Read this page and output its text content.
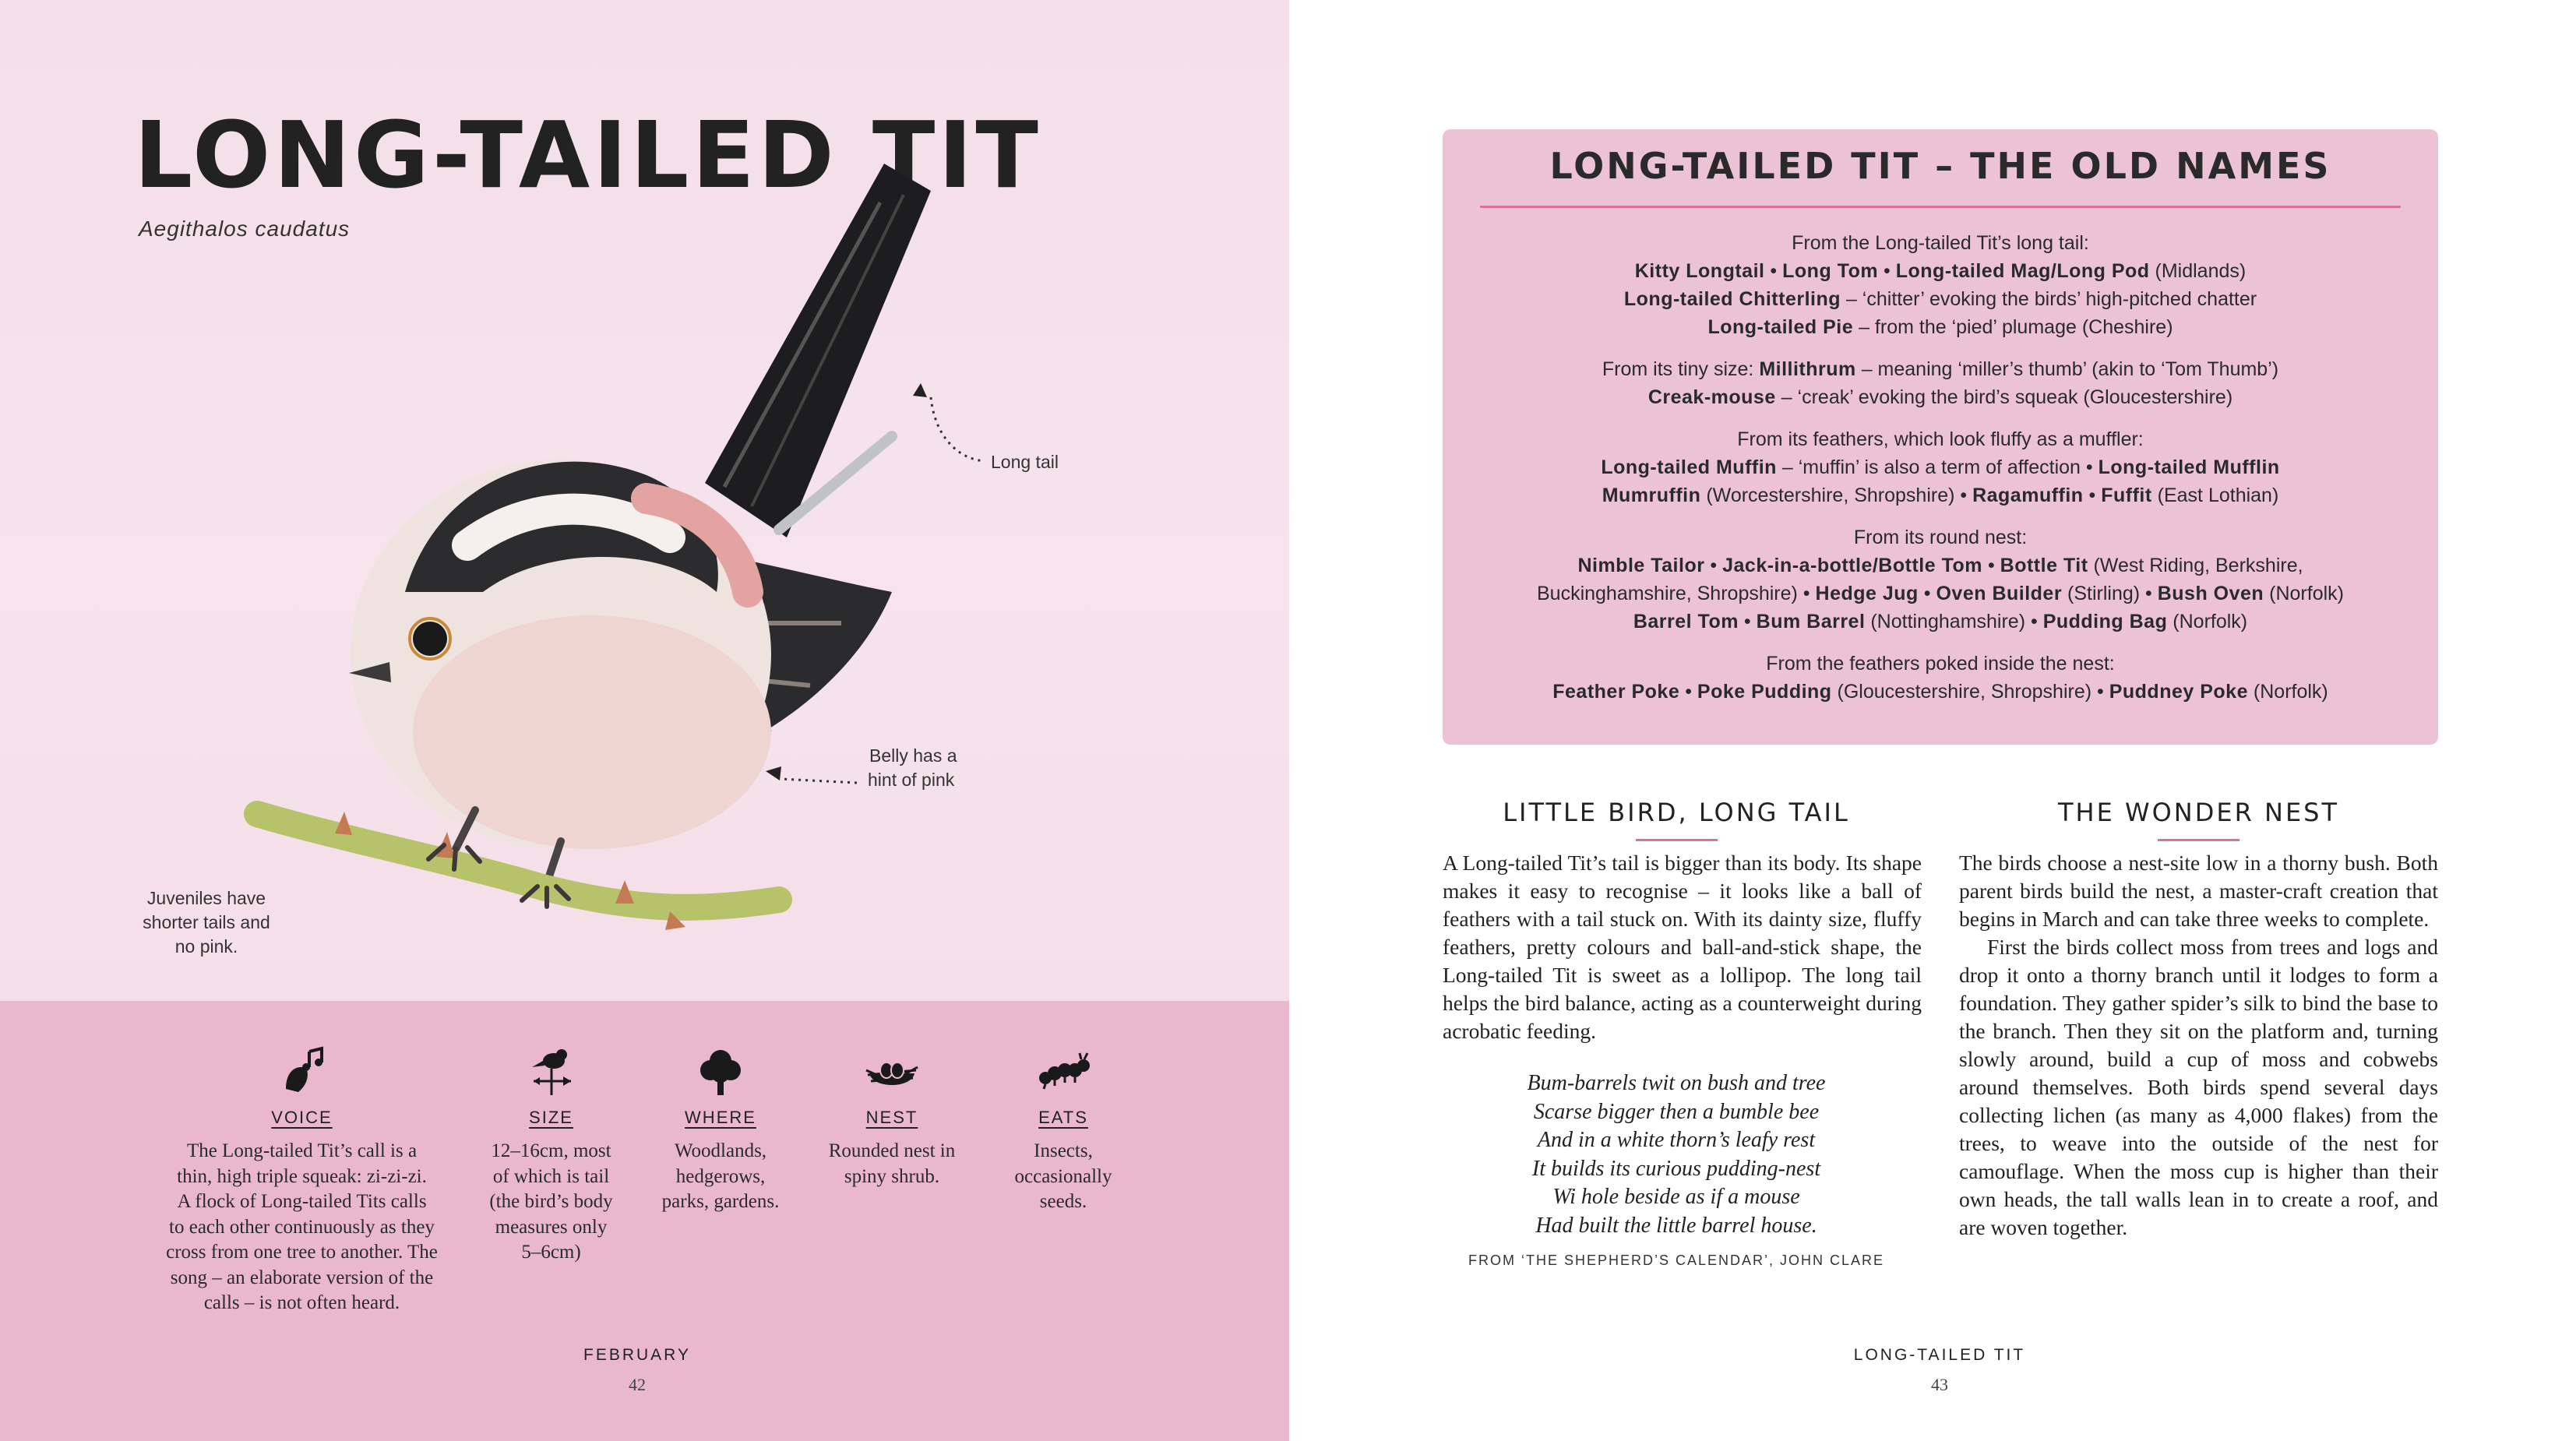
LONG-TAILED TIT
Aegithalos caudatus
Long tail
Belly has a
hint of pink
Juveniles have
shorter tails and
no pink.
VOICE
The Long-tailed Tit’s call is a
thin, high triple squeak: zi-zi-zi.
A flock of Long-tailed Tits calls
to each other continuously as they
cross from one tree to another. The
song – an elaborate version of the
calls – is not often heard.
SIZE
12–16cm, most
of which is tail
(the bird’s body
measures only
5–6cm)
WHERE
Woodlands,
hedgerows,
parks, gardens.
NEST
Rounded nest in
spiny shrub.
EATS
Insects,
occasionally
seeds.
FEBRUARY
42
LONG-TAILED TIT – THE OLD NAMES

From the Long-tailed Tit’s long tail:
Kitty Longtail • Long Tom • Long-tailed Mag/Long Pod (Midlands)
Long-tailed Chitterling – ‘chitter’ evoking the birds’ high-pitched chatter
Long-tailed Pie – from the ‘pied’ plumage (Cheshire)

From its tiny size: Millithrum – meaning ‘miller’s thumb’ (akin to ‘Tom Thumb’)
Creak-mouse – ‘creak’ evoking the bird’s squeak (Gloucestershire)

From its feathers, which look fluffy as a muffler:
Long-tailed Muffin – ‘muffin’ is also a term of affection • Long-tailed Mufflin
Mumruffin (Worcestershire, Shropshire) • Ragamuffin • Fuffit (East Lothian)

From its round nest:
Nimble Tailor • Jack-in-a-bottle/Bottle Tom • Bottle Tit (West Riding, Berkshire,
Buckinghamshire, Shropshire) • Hedge Jug • Oven Builder (Stirling) • Bush Oven (Norfolk)
Barrel Tom • Bum Barrel (Nottinghamshire) • Pudding Bag (Norfolk)

From the feathers poked inside the nest:
Feather Poke • Poke Pudding (Gloucestershire, Shropshire) • Puddney Poke (Norfolk)

LITTLE BIRD, LONG TAIL

A Long-tailed Tit’s tail is bigger than its body. Its shape makes it easy to recognise – it looks like a ball of feathers with a tail stuck on. With its dainty size, fluffy feathers, pretty colours and ball-and-stick shape, the Long-tailed Tit is sweet as a lollipop. The long tail helps the bird balance, acting as a counterweight during acrobatic feeding.

Bum-barrels twit on bush and tree
Scarse bigger then a bumble bee
And in a white thorn’s leafy rest
It builds its curious pudding-nest
Wi hole beside as if a mouse
Had built the little barrel house.
FROM ‘THE SHEPHERD’S CALENDAR’, JOHN CLARE
THE WONDER NEST

The birds choose a nest-site low in a thorny bush. Both parent birds build the nest, a master-craft creation that begins in March and can take three weeks to complete.

First the birds collect moss from trees and logs and drop it onto a thorny branch until it lodges to form a foundation. They gather spider’s silk to bind the base to the branch. Then they sit on the platform and, turning slowly around, build a cup of moss and cobwebs around themselves. Both birds spend several days collecting lichen (as many as 4,000 flakes) from the trees, to weave into the outside of the nest for camouflage. When the moss cup is higher than their own heads, the tall walls lean in to create a roof, and are woven together.

LONG-TAILED TIT
43
